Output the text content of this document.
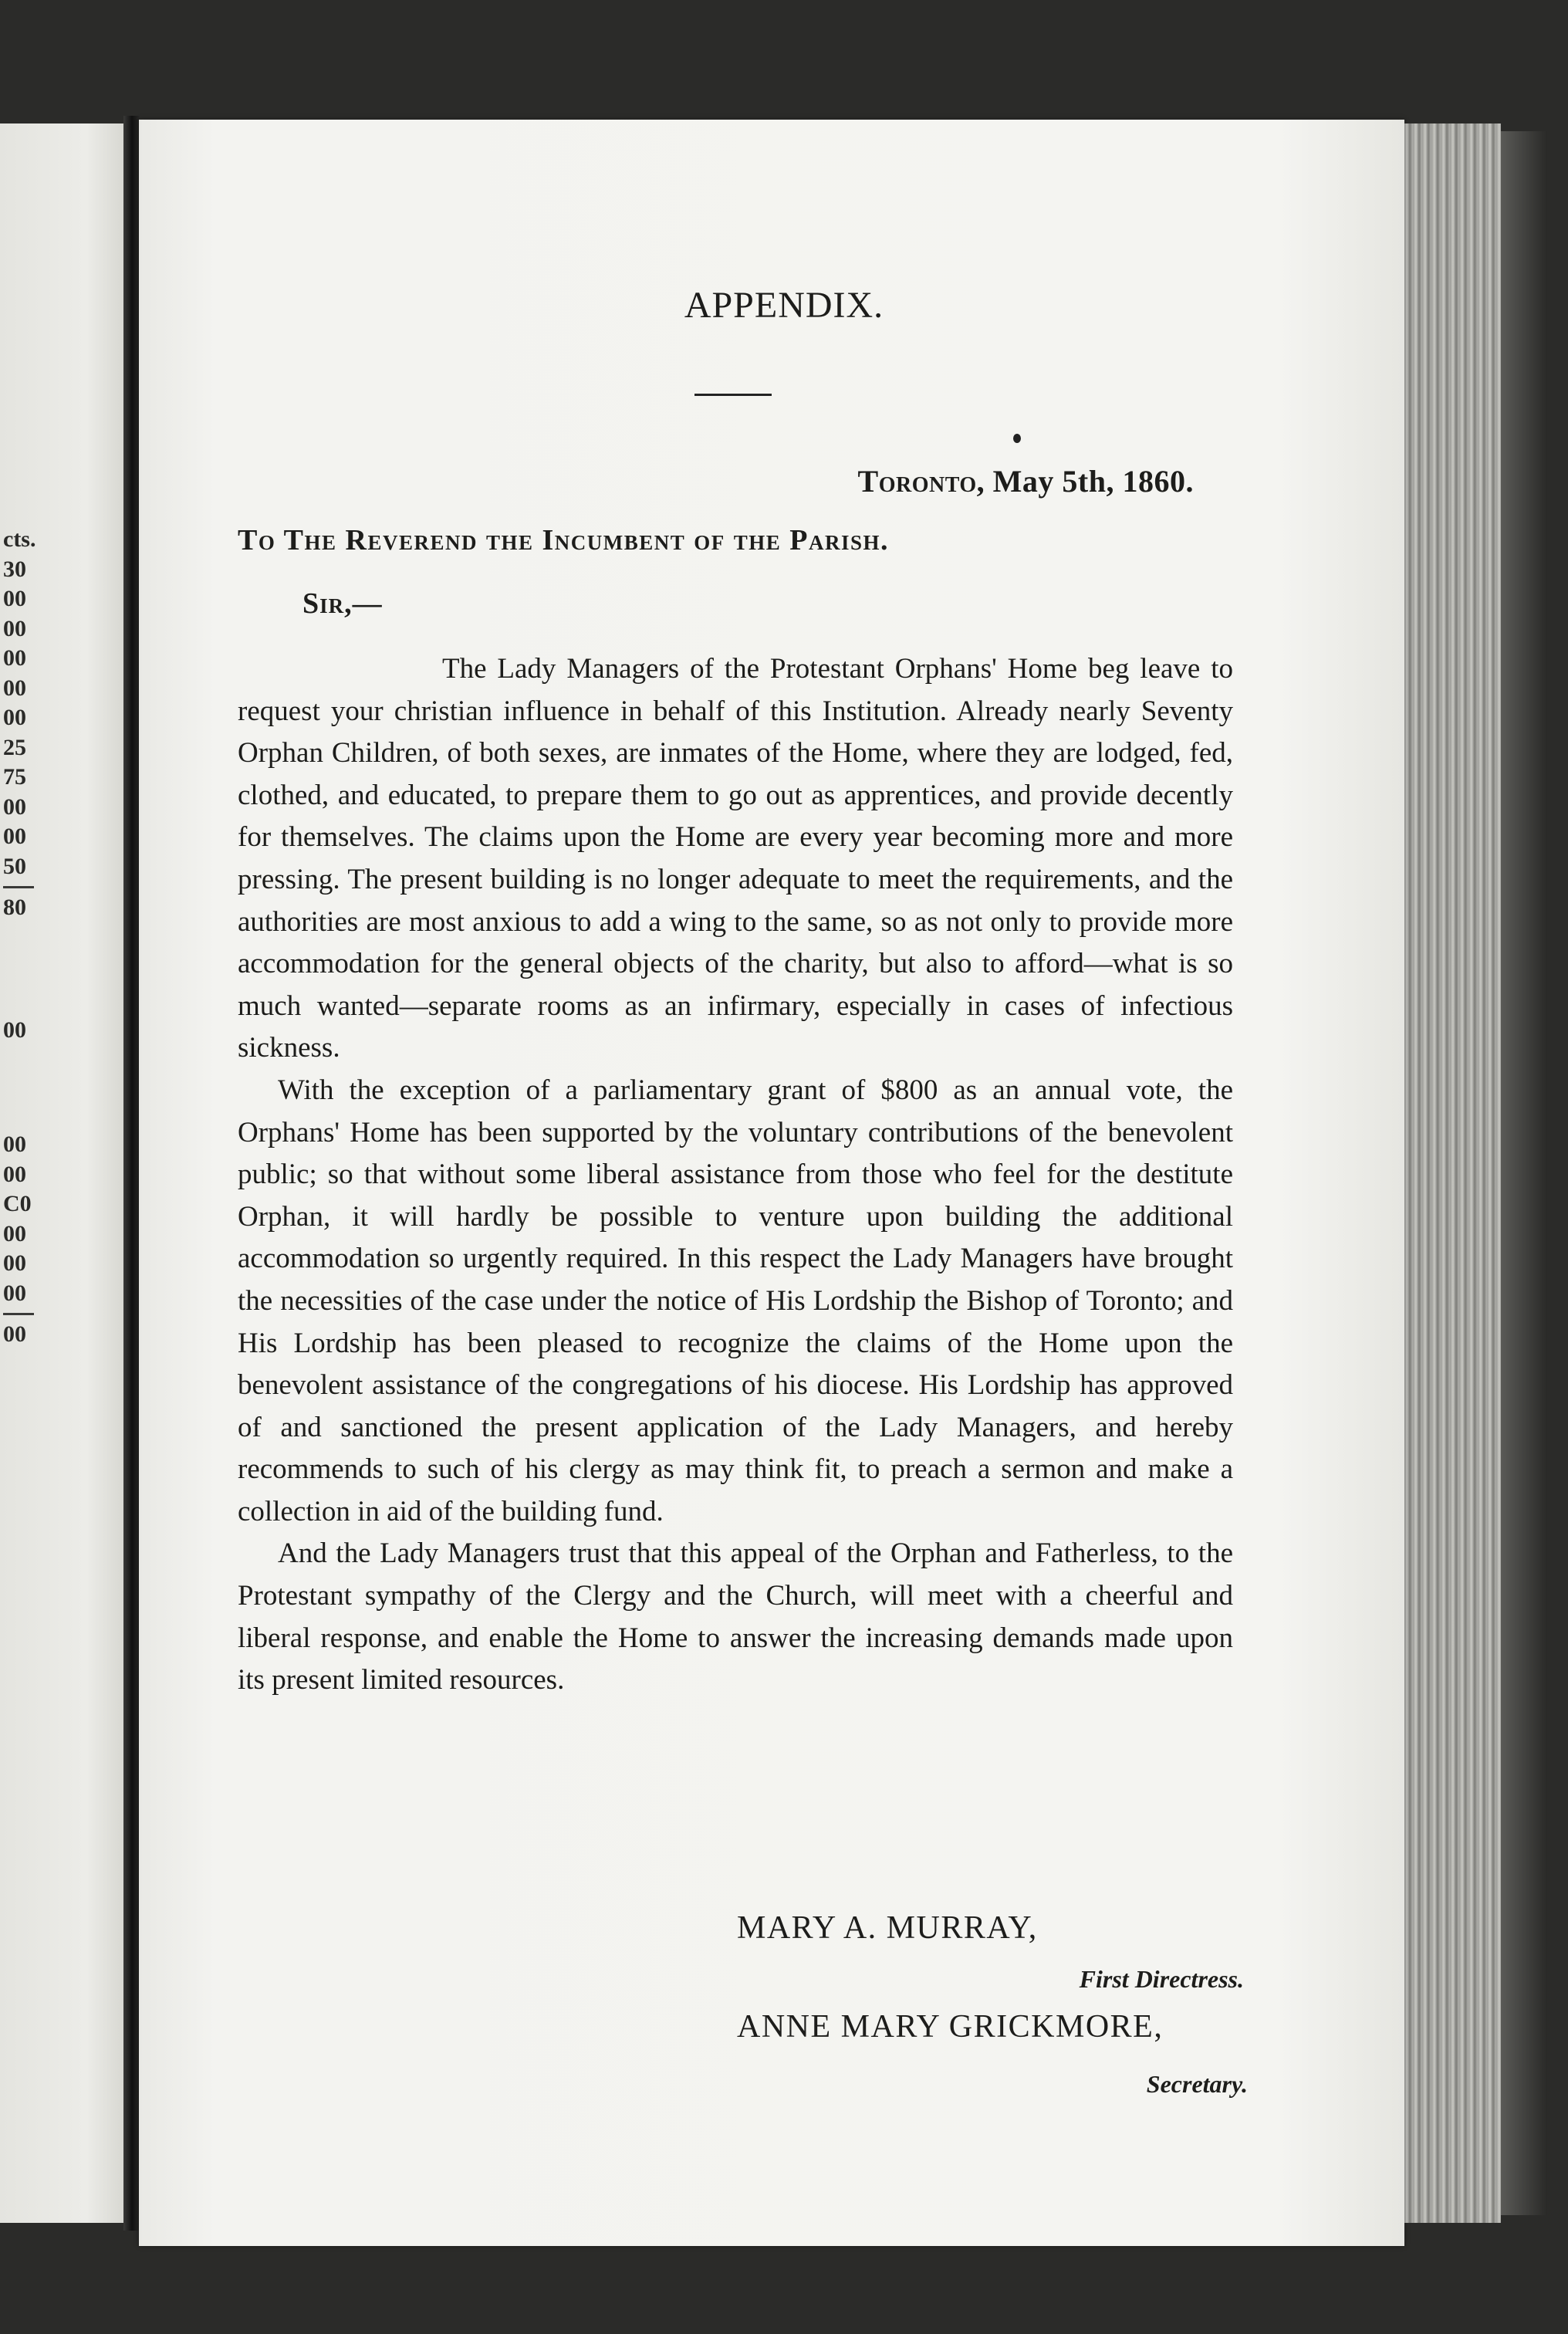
cts.
30
00
00
00
00
00
25
75
00
00
50
80
00
00
00
C0
00
00
00
00
APPENDIX.
Toronto, May 5th, 1860.
To The Reverend the Incumbent of the Parish.
Sir,—

The Lady Managers of the Protestant Orphans' Home beg leave to request your christian influence in behalf of this Institution. Already nearly Seventy Orphan Children, of both sexes, are inmates of the Home, where they are lodged, fed, clothed, and educated, to prepare them to go out as apprentices, and provide decently for themselves. The claims upon the Home are every year becoming more and more pressing. The present building is no longer adequate to meet the requirements, and the authorities are most anxious to add a wing to the same, so as not only to provide more accommodation for the general objects of the charity, but also to afford—what is so much wanted—separate rooms as an infirmary, especially in cases of infectious sickness.

With the exception of a parliamentary grant of $800 as an annual vote, the Orphans' Home has been supported by the voluntary contributions of the benevolent public; so that without some liberal assistance from those who feel for the destitute Orphan, it will hardly be possible to venture upon building the additional accommodation so urgently required. In this respect the Lady Managers have brought the necessities of the case under the notice of His Lordship the Bishop of Toronto; and His Lordship has been pleased to recognize the claims of the Home upon the benevolent assistance of the congregations of his diocese. His Lordship has approved of and sanctioned the present application of the Lady Managers, and hereby recommends to such of his clergy as may think fit, to preach a sermon and make a collection in aid of the building fund.

And the Lady Managers trust that this appeal of the Orphan and Fatherless, to the Protestant sympathy of the Clergy and the Church, will meet with a cheerful and liberal response, and enable the Home to answer the increasing demands made upon its present limited resources.

MARY A. MURRAY,
First Directress.
ANNE MARY GRICKMORE,
Secretary.
